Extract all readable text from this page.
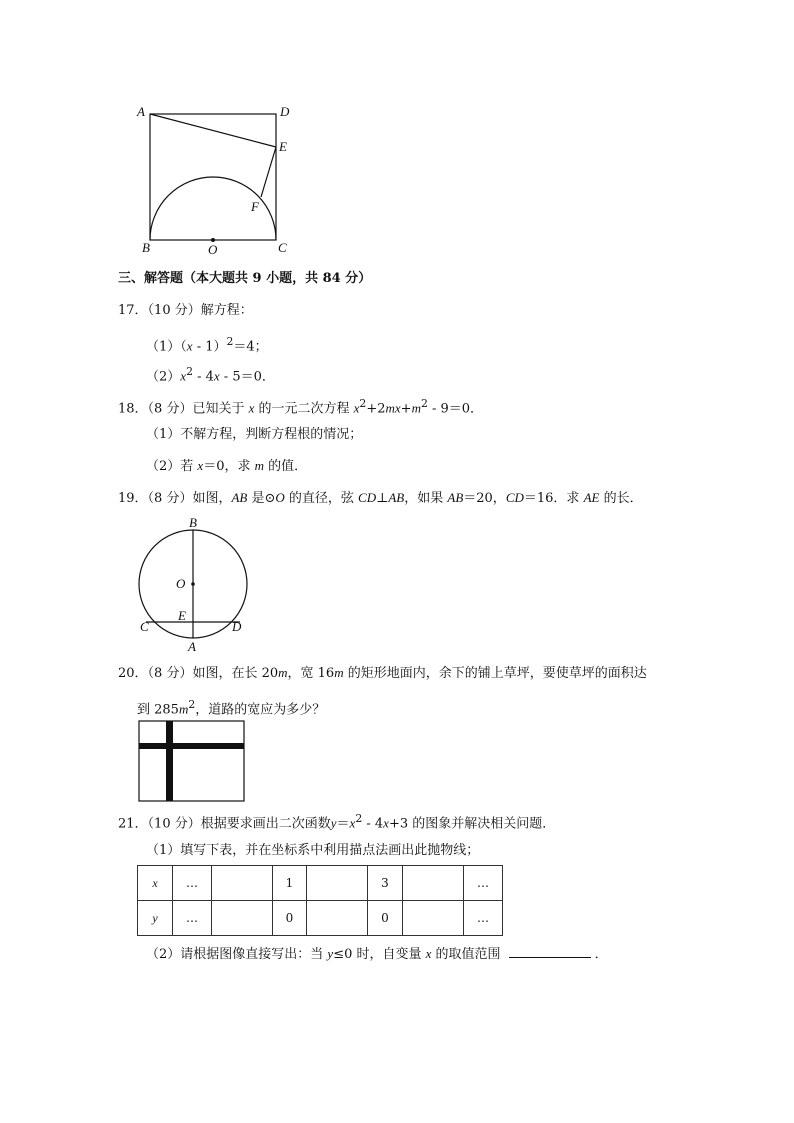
A	D
E
F
B	O	C
三、解答题（本大题共 9 小题，共 84 分）
17．（10 分）解方程：
（1）（x - 1）$^2$＝4；
$(2)x^2 - 4x - 5=0$．
18．（8 分）已知关于 x 的一元二次方程 $x^2+2mx+m^2 - 9=0$．
（1）不解方程，判断方程根的情况；
（2）若 x＝0，求 m 的值．
19．（8 分）如图，AB 是⊙O 的直径，弦 CD⊥AB，如果 AB＝20，CD＝16．求 AE 的长．
B
O
E
C	D
A
20．（8 分）如图，在长 20m，宽 16m 的矩形地面内，余下的铺上草坪，要使草坪的面积达
到 $285m^2$，道路的宽应为多少？
21．（10 分）根据要求画出二次函数$y=x^2 - 4x+3$ 的图象并解决相关问题．
（1）填写下表，并在坐标系中利用描点法画出此抛物线；
x	…		1		3		…
y	…		0		0		…
（2）请根据图像直接写出：当 y≤0 时，自变量 x 的取值范围	．
